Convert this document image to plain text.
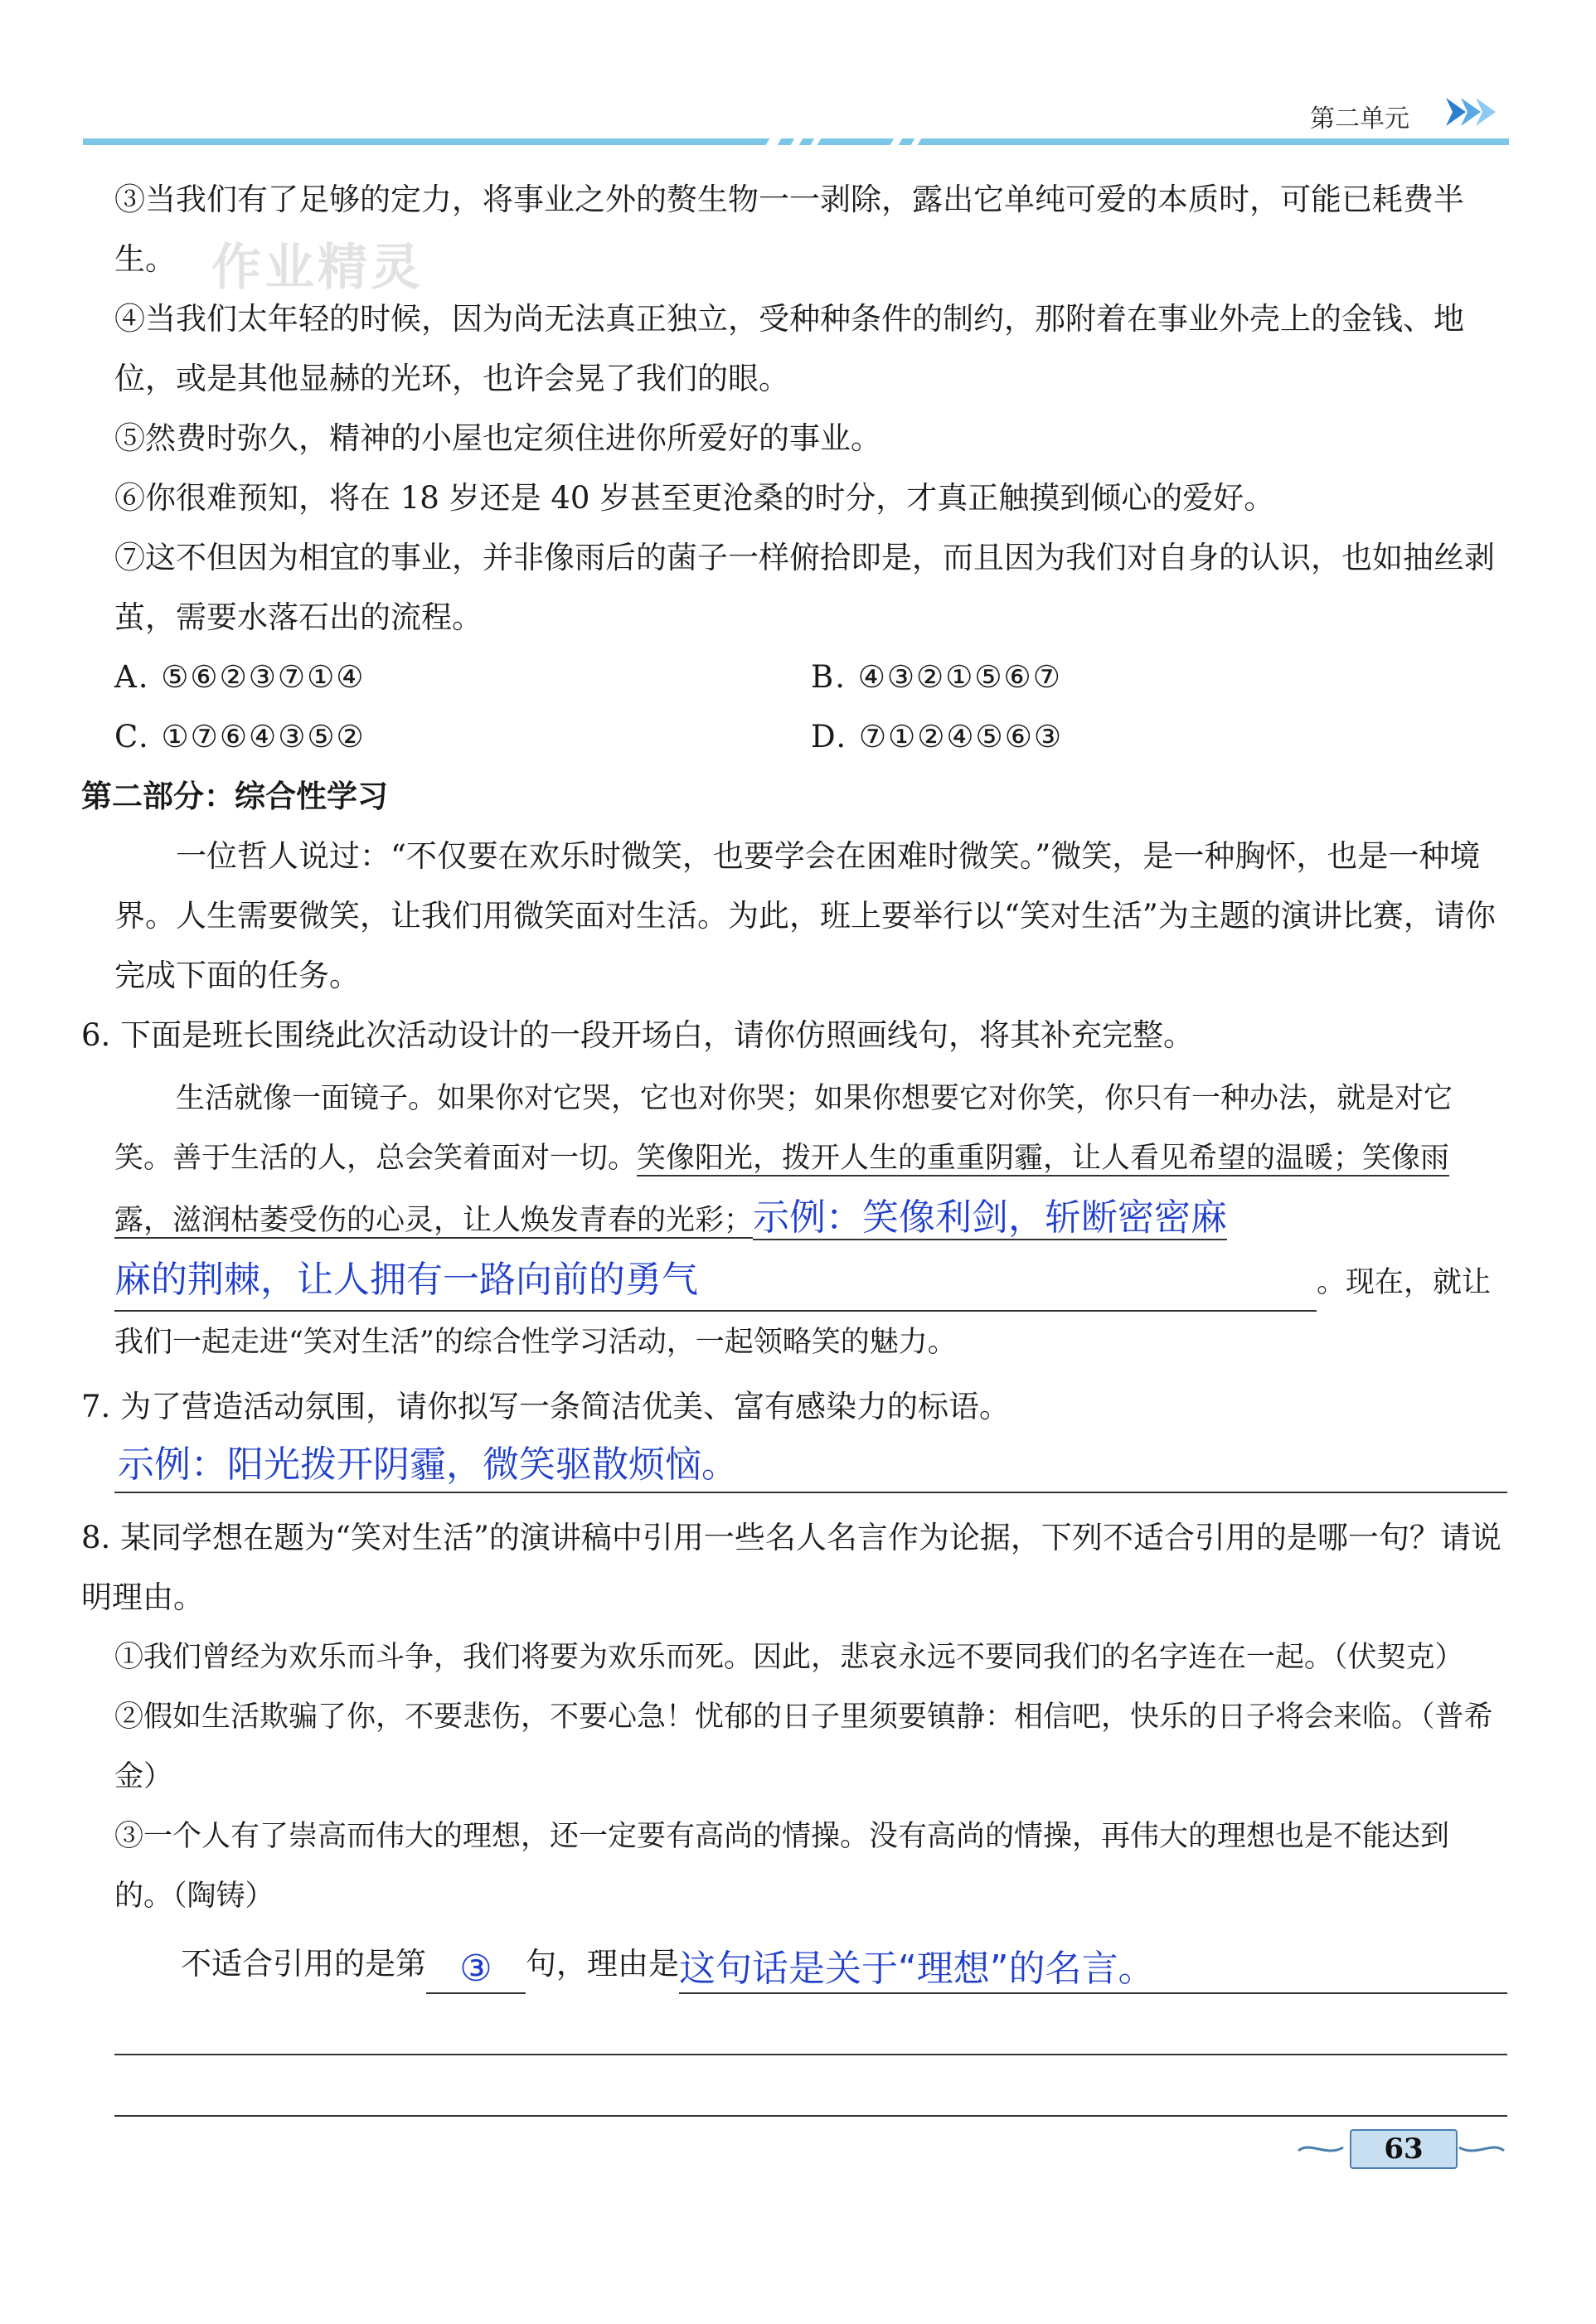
第二单元
作业精灵

③当我们有了足够的定力，将事业之外的赘生物一一剥除，露出它单纯可爱的本质时，可能已耗费半生。

④当我们太年轻的时候，因为尚无法真正独立，受种种条件的制约，那附着在事业外壳上的金钱、地位，或是其他显赫的光环，也许会晃了我们的眼。

⑤然费时弥久，精神的小屋也定须住进你所爱好的事业。

⑥你很难预知，将在 18 岁还是 40 岁甚至更沧桑的时分，才真正触摸到倾心的爱好。

⑦这不但因为相宜的事业，并非像雨后的菌子一样俯拾即是，而且因为我们对自身的认识，也如抽丝剥茧，需要水落石出的流程。

A. ⑤⑥②③⑦①④	B. ④③②①⑤⑥⑦
C. ①⑦⑥④③⑤②	D. ⑦①②④⑤⑥③
第二部分：综合性学习

一位哲人说过：“不仅要在欢乐时微笑，也要学会在困难时微笑。”微笑，是一种胸怀，也是一种境界。人生需要微笑，让我们用微笑面对生活。为此，班上要举行以“笑对生活”为主题的演讲比赛，请你完成下面的任务。

6. 下面是班长围绕此次活动设计的一段开场白，请你仿照画线句，将其补充完整。

生活就像一面镜子。如果你对它哭，它也对你哭；如果你想要它对你笑，你只有一种办法，就是对它笑。善于生活的人，总会笑着面对一切。笑像阳光，拨开人生的重重阴霾，让人看见希望的温暖；笑像雨露，滋润枯萎受伤的心灵，让人焕发青春的光彩；示例：笑像利剑，斩断密密麻
麻的荆棘，让人拥有一路向前的勇气	。现在，就让我们一起走进“笑对生活”的综合性学习活动，一起领略笑的魅力。

7. 为了营造活动氛围，请你拟写一条简洁优美、富有感染力的标语。
示例：阳光拨开阴霾，微笑驱散烦恼。
8. 某同学想在题为“笑对生活”的演讲稿中引用一些名人名言作为论据，下列不适合引用的是哪一句？请说明理由。

①我们曾经为欢乐而斗争，我们将要为欢乐而死。因此，悲哀永远不要同我们的名字连在一起。（伏契克）

②假如生活欺骗了你，不要悲伤，不要心急！忧郁的日子里须要镇静：相信吧，快乐的日子将会来临。（普希金）

③一个人有了崇高而伟大的理想，还一定要有高尚的情操。没有高尚的情操，再伟大的理想也是不能达到的。（陶铸）

不适合引用的是第 ③	句，理由是 这句话是关于“理想”的名言。
63
